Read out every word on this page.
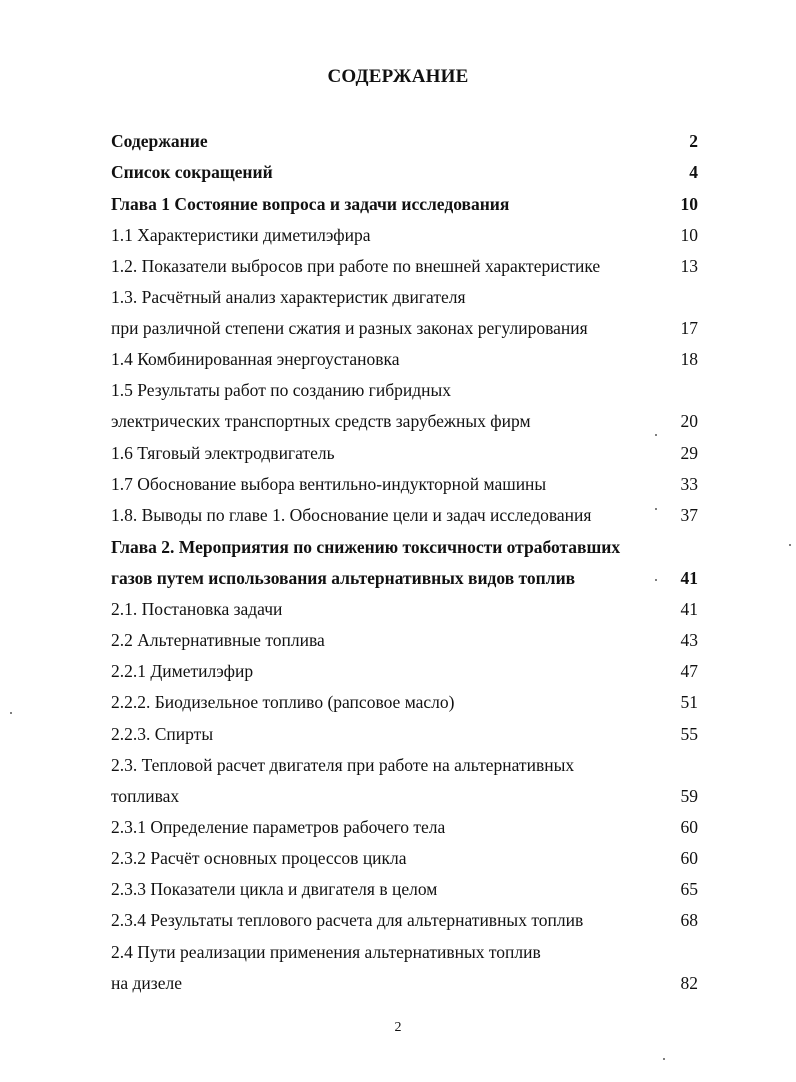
СОДЕРЖАНИЕ
Содержание	2
Список сокращений	4
Глава 1 Состояние вопроса и задачи исследования	10
1.1 Характеристики диметилэфира	10
1.2. Показатели выбросов при работе по внешней характеристике	13
1.3. Расчётный анализ характеристик двигателя
при различной степени сжатия и разных законах регулирования	17
1.4 Комбинированная энергоустановка	18
1.5 Результаты работ по созданию гибридных
электрических транспортных средств зарубежных фирм	20
1.6 Тяговый электродвигатель	29
1.7 Обоснование выбора вентильно-индукторной машины	33
1.8. Выводы по главе 1. Обоснование цели и задач исследования	37
Глава 2. Мероприятия по снижению токсичности отработавших
газов путем использования альтернативных видов топлив	41
2.1. Постановка задачи	41
2.2 Альтернативные топлива	43
2.2.1 Диметилэфир	47
2.2.2. Биодизельное топливо (рапсовое масло)	51
2.2.3. Спирты	55
2.3. Тепловой расчет двигателя при работе на альтернативных
топливах	59
2.3.1 Определение параметров рабочего тела	60
2.3.2 Расчёт основных процессов цикла	60
2.3.3 Показатели цикла и двигателя в целом	65
2.3.4 Результаты теплового расчета для альтернативных топлив	68
2.4 Пути реализации применения альтернативных топлив
на дизеле	82
2
